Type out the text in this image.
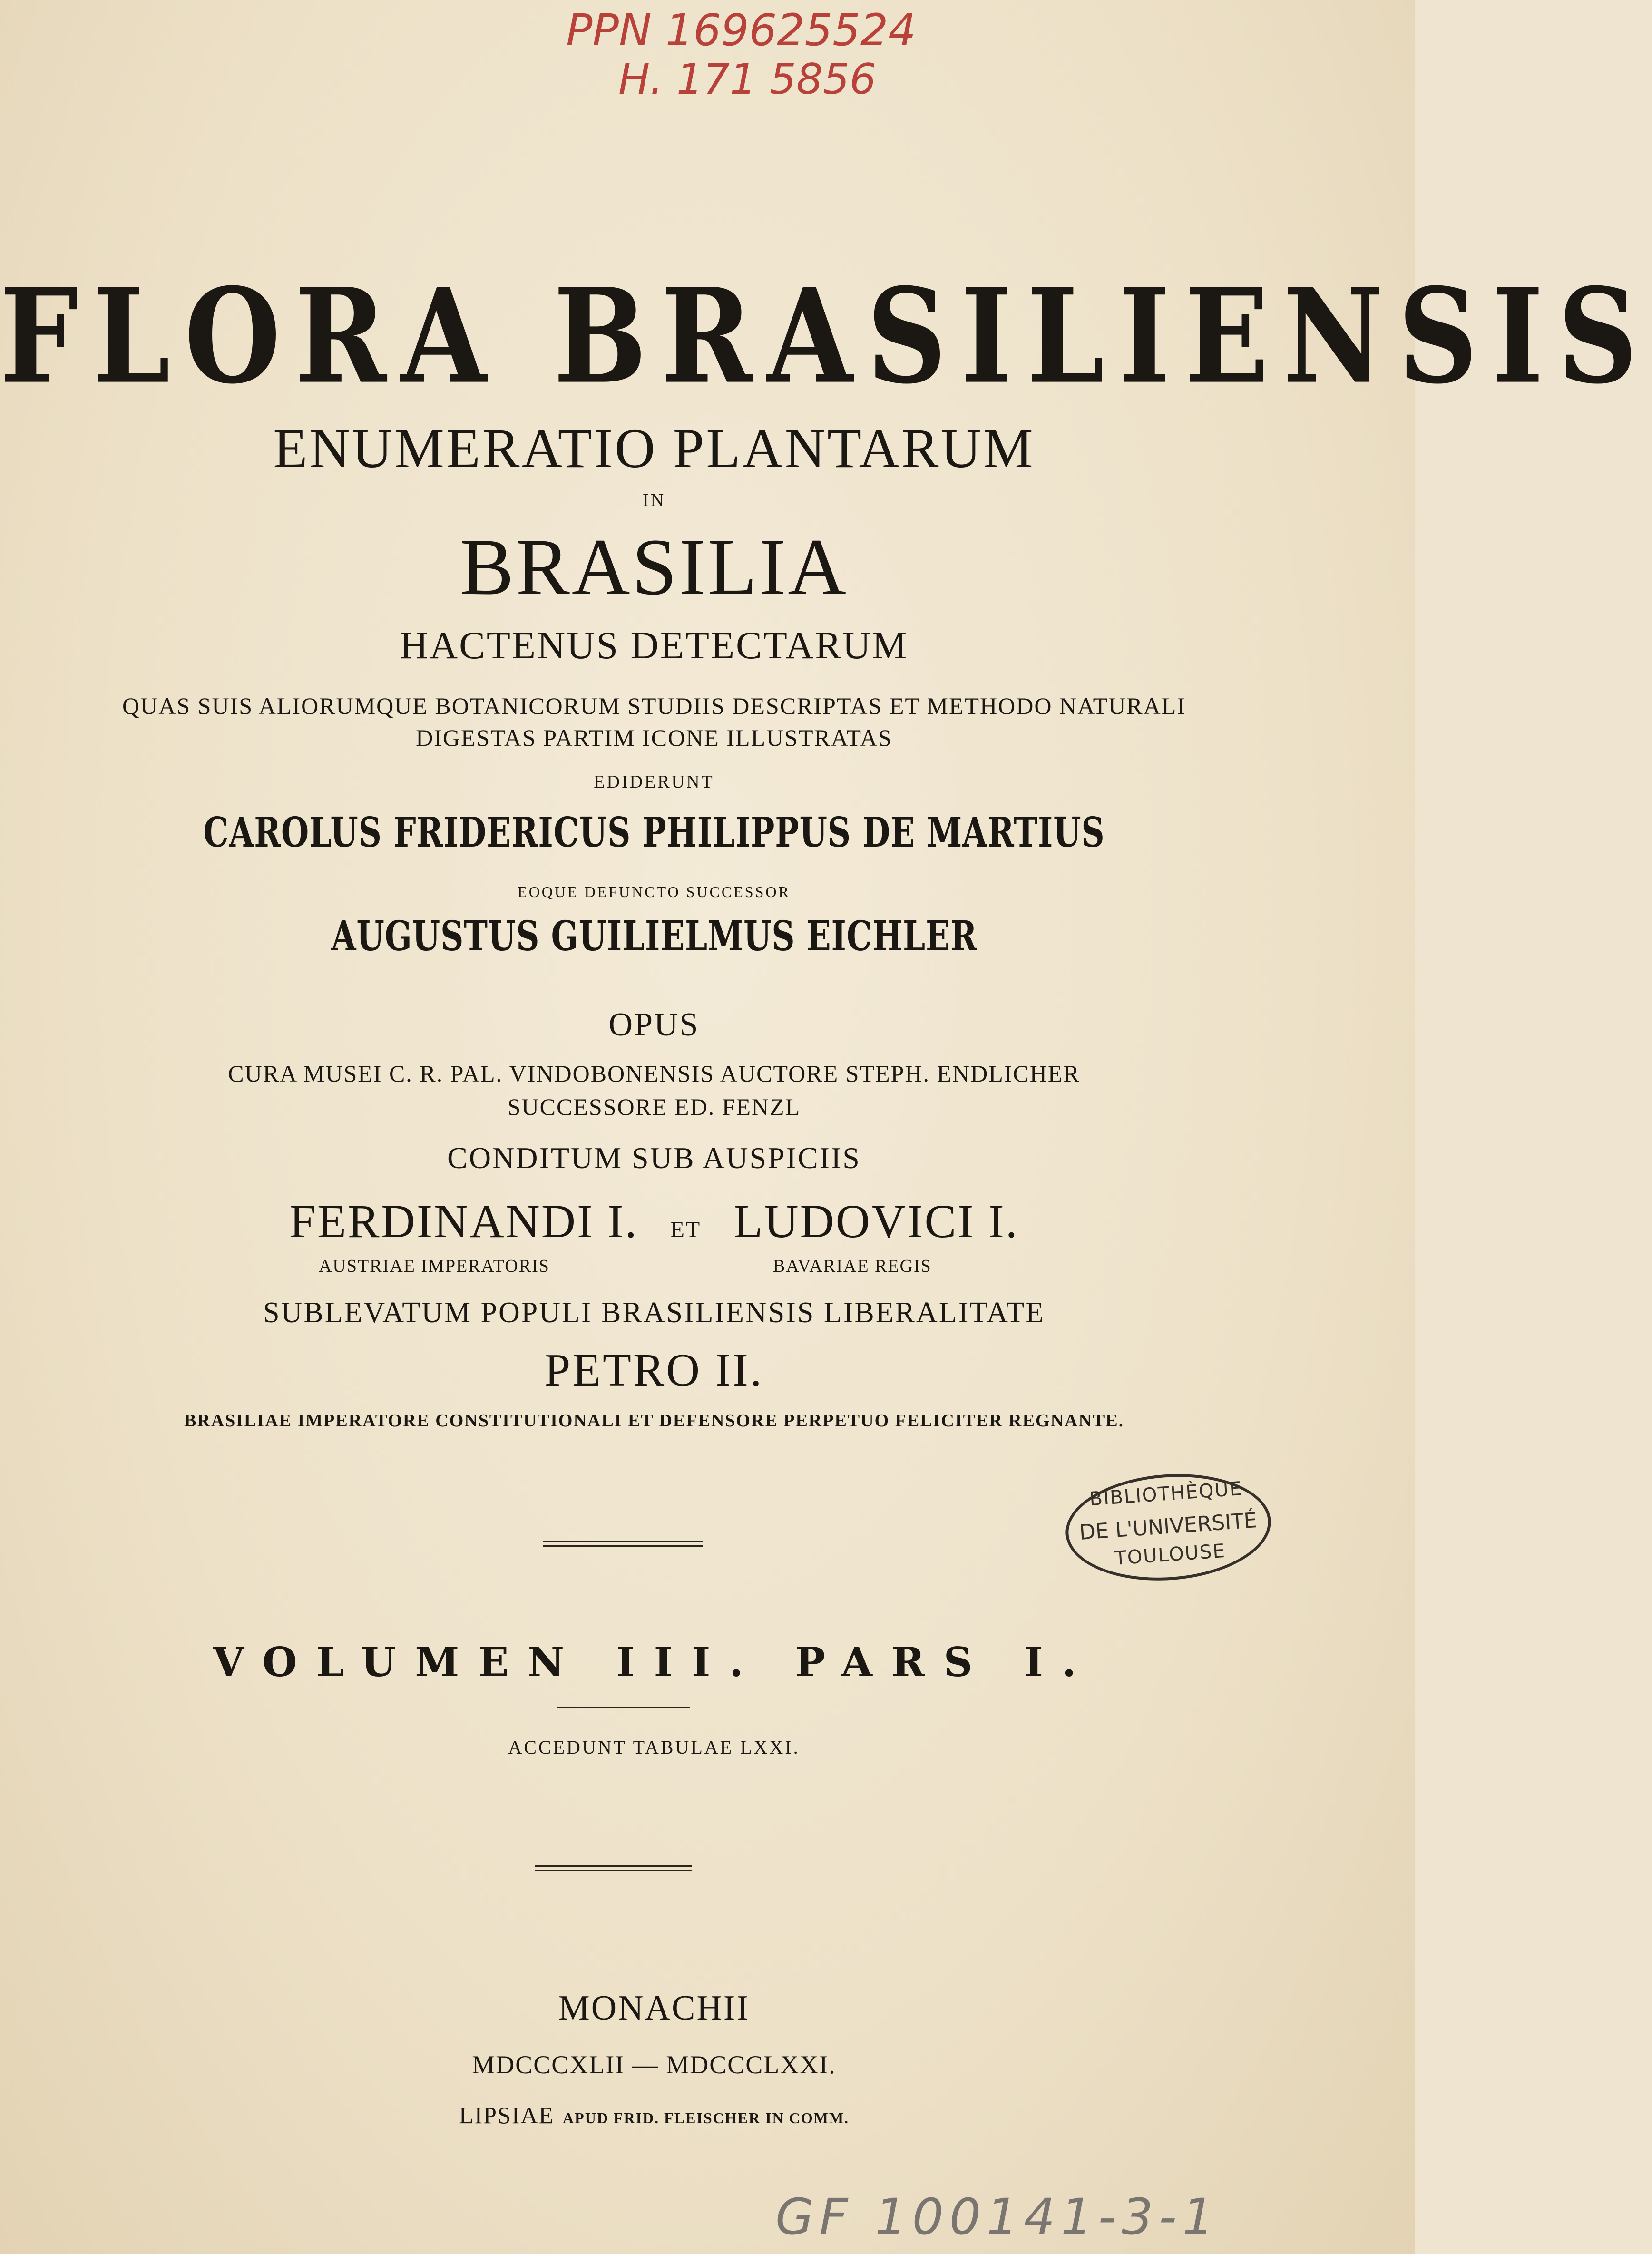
PPN 169625524
H. 171 5856
FLORA BRASILIENSIS
ENUMERATIO PLANTARUM
IN
BRASILIA
HACTENUS DETECTARUM
QUAS SUIS ALIORUMQUE BOTANICORUM STUDIIS DESCRIPTAS ET METHODO NATURALI
DIGESTAS PARTIM ICONE ILLUSTRATAS
EDIDERUNT
CAROLUS FRIDERICUS PHILIPPUS DE MARTIUS
EOQUE DEFUNCTO SUCCESSOR
AUGUSTUS GUILIELMUS EICHLER
OPUS
CURA MUSEI C. R. PAL. VINDOBONENSIS AUCTORE STEPH. ENDLICHER
SUCCESSORE ED. FENZL
CONDITUM SUB AUSPICIIS
FERDINANDI I. ET LUDOVICI I.
AUSTRIAE IMPERATORIS	BAVARIAE REGIS
SUBLEVATUM POPULI BRASILIENSIS LIBERALITATE
PETRO II.
BRASILIAE IMPERATORE CONSTITUTIONALI ET DEFENSORE PERPETUO FELICITER REGNANTE.
BIBLIOTHÈQUE
DE L'UNIVERSITÉ
TOULOUSE
VOLUMEN III. PARS I.
ACCEDUNT TABULAE LXXI.
MONACHII
MDCCCXLII — MDCCCLXXI.
LIPSIAE APUD FRID. FLEISCHER IN COMM.
GF 100141-3-1
